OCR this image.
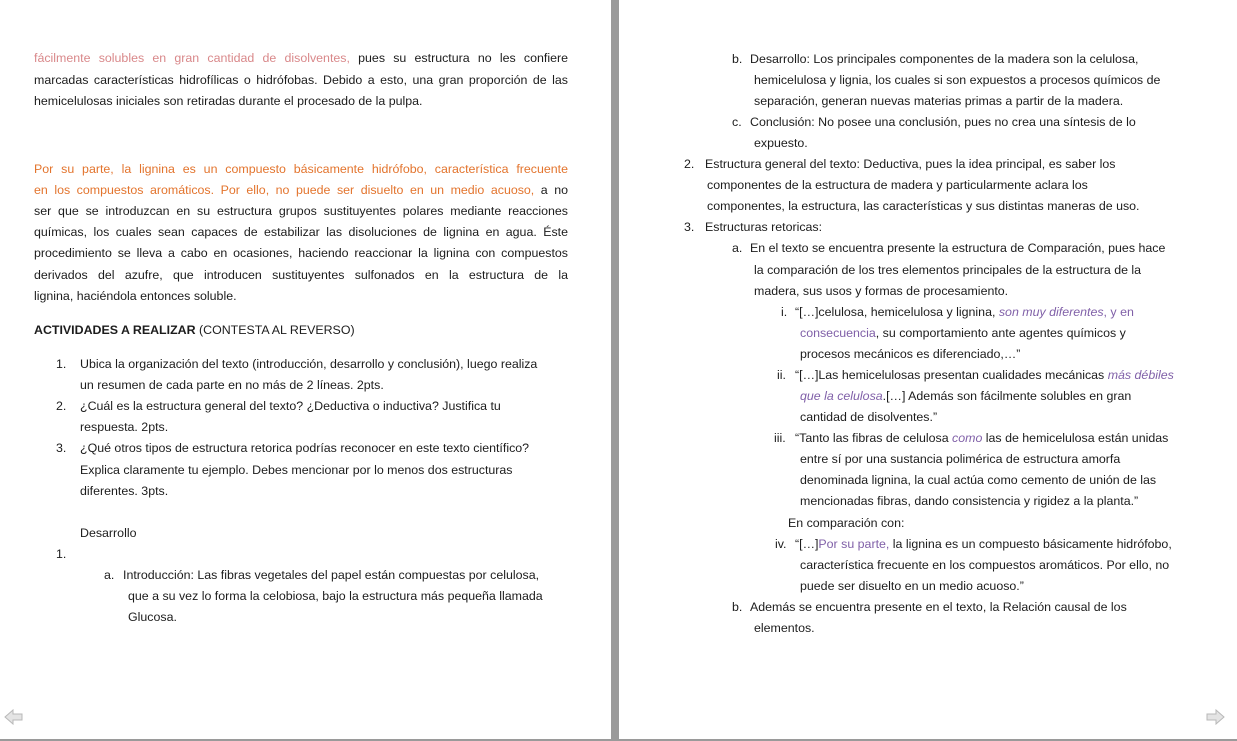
fácilmente solubles en gran cantidad de disolventes, pues su estructura no les confiere
marcadas características hidrofílicas o hidrófobas. Debido a esto, una gran proporción de las
hemicelulosas iniciales son retiradas durante el procesado de la pulpa.
Por su parte, la lignina es un compuesto básicamente hidrófobo, característica frecuente
en los compuestos aromáticos. Por ello, no puede ser disuelto en un medio acuoso, a no
ser que se introduzcan en su estructura grupos sustituyentes polares mediante reacciones
químicas, los cuales sean capaces de estabilizar las disoluciones de lignina en agua. Éste
procedimiento se lleva a cabo en ocasiones, haciendo reaccionar la lignina con compuestos
derivados del azufre, que introducen sustituyentes sulfonados en la estructura de la
lignina, haciéndola entonces soluble.
ACTIVIDADES A REALIZAR (CONTESTA AL REVERSO)
1. Ubica la organización del texto (introducción, desarrollo y conclusión), luego realiza
un resumen de cada parte en no más de 2 líneas. 2pts.
2. ¿Cuál es la estructura general del texto? ¿Deductiva o inductiva? Justifica tu
respuesta. 2pts.
3. ¿Qué otros tipos de estructura retorica podrías reconocer en este texto científico?
Explica claramente tu ejemplo. Debes mencionar por lo menos dos estructuras
diferentes. 3pts.
Desarrollo
1.
a. Introducción: Las fibras vegetales del papel están compuestas por celulosa,
que a su vez lo forma la celobiosa, bajo la estructura más pequeña llamada
Glucosa.
b. Desarrollo: Los principales componentes de la madera son la celulosa,
hemicelulosa y lignia, los cuales si son expuestos a procesos químicos de
separación, generan nuevas materias primas a partir de la madera.
c. Conclusión: No posee una conclusión, pues no crea una síntesis de lo
expuesto.
2. Estructura general del texto: Deductiva, pues la idea principal, es saber los
componentes de la estructura de madera y particularmente aclara los
componentes, la estructura, las características y sus distintas maneras de uso.
3. Estructuras retoricas:
a. En el texto se encuentra presente la estructura de Comparación, pues hace
la comparación de los tres elementos principales de la estructura de la
madera, sus usos y formas de procesamiento.
i. “[…]celulosa, hemicelulosa y lignina, son muy diferentes, y en
consecuencia, su comportamiento ante agentes químicos y
procesos mecánicos es diferenciado,…”
ii. “[…]Las hemicelulosas presentan cualidades mecánicas más débiles
que la celulosa.[…] Además son fácilmente solubles en gran
cantidad de disolventes.”
iii. “Tanto las fibras de celulosa como las de hemicelulosa están unidas
entre sí por una sustancia polimérica de estructura amorfa
denominada lignina, la cual actúa como cemento de unión de las
mencionadas fibras, dando consistencia y rigidez a la planta.”
En comparación con:
iv. “[…]Por su parte, la lignina es un compuesto básicamente hidrófobo,
característica frecuente en los compuestos aromáticos. Por ello, no
puede ser disuelto en un medio acuoso.”
b. Además se encuentra presente en el texto, la Relación causal de los
elementos.
